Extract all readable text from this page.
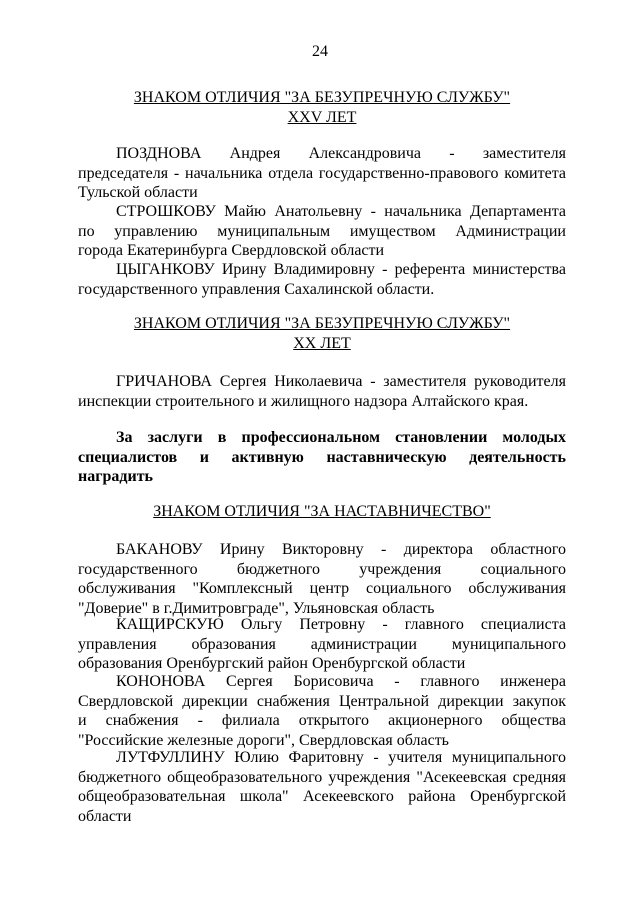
24
ЗНАКОМ ОТЛИЧИЯ "ЗА БЕЗУПРЕЧНУЮ СЛУЖБУ"
XXV ЛЕТ
ПОЗДНОВА Андрея Александровича - заместителя
председателя - начальника отдела государственно-правового комитета
Тульской области
СТРОШКОВУ Майю Анатольевну - начальника Департамента
по управлению муниципальным имуществом Администрации
города Екатеринбурга Свердловской области
ЦЫГАНКОВУ Ирину Владимировну - референта министерства
государственного управления Сахалинской области.
ЗНАКОМ ОТЛИЧИЯ "ЗА БЕЗУПРЕЧНУЮ СЛУЖБУ"
XX ЛЕТ
ГРИЧАНОВА Сергея Николаевича - заместителя руководителя
инспекции строительного и жилищного надзора Алтайского края.
За заслуги в профессиональном становлении молодых
специалистов и активную наставническую деятельность
наградить
ЗНАКОМ ОТЛИЧИЯ "ЗА НАСТАВНИЧЕСТВО"
БАКАНОВУ Ирину Викторовну - директора областного
государственного бюджетного учреждения социального
обслуживания "Комплексный центр социального обслуживания
"Доверие" в г.Димитровграде", Ульяновская область
КАЩИРСКУЮ Ольгу Петровну - главного специалиста
управления образования администрации муниципального
образования Оренбургский район Оренбургской области
КОНОНОВА Сергея Борисовича - главного инженера
Свердловской дирекции снабжения Центральной дирекции закупок
и снабжения - филиала открытого акционерного общества
"Российские железные дороги", Свердловская область
ЛУТФУЛЛИНУ Юлию Фаритовну - учителя муниципального
бюджетного общеобразовательного учреждения "Асекеевская средняя
общеобразовательная школа" Асекеевского района Оренбургской
области
